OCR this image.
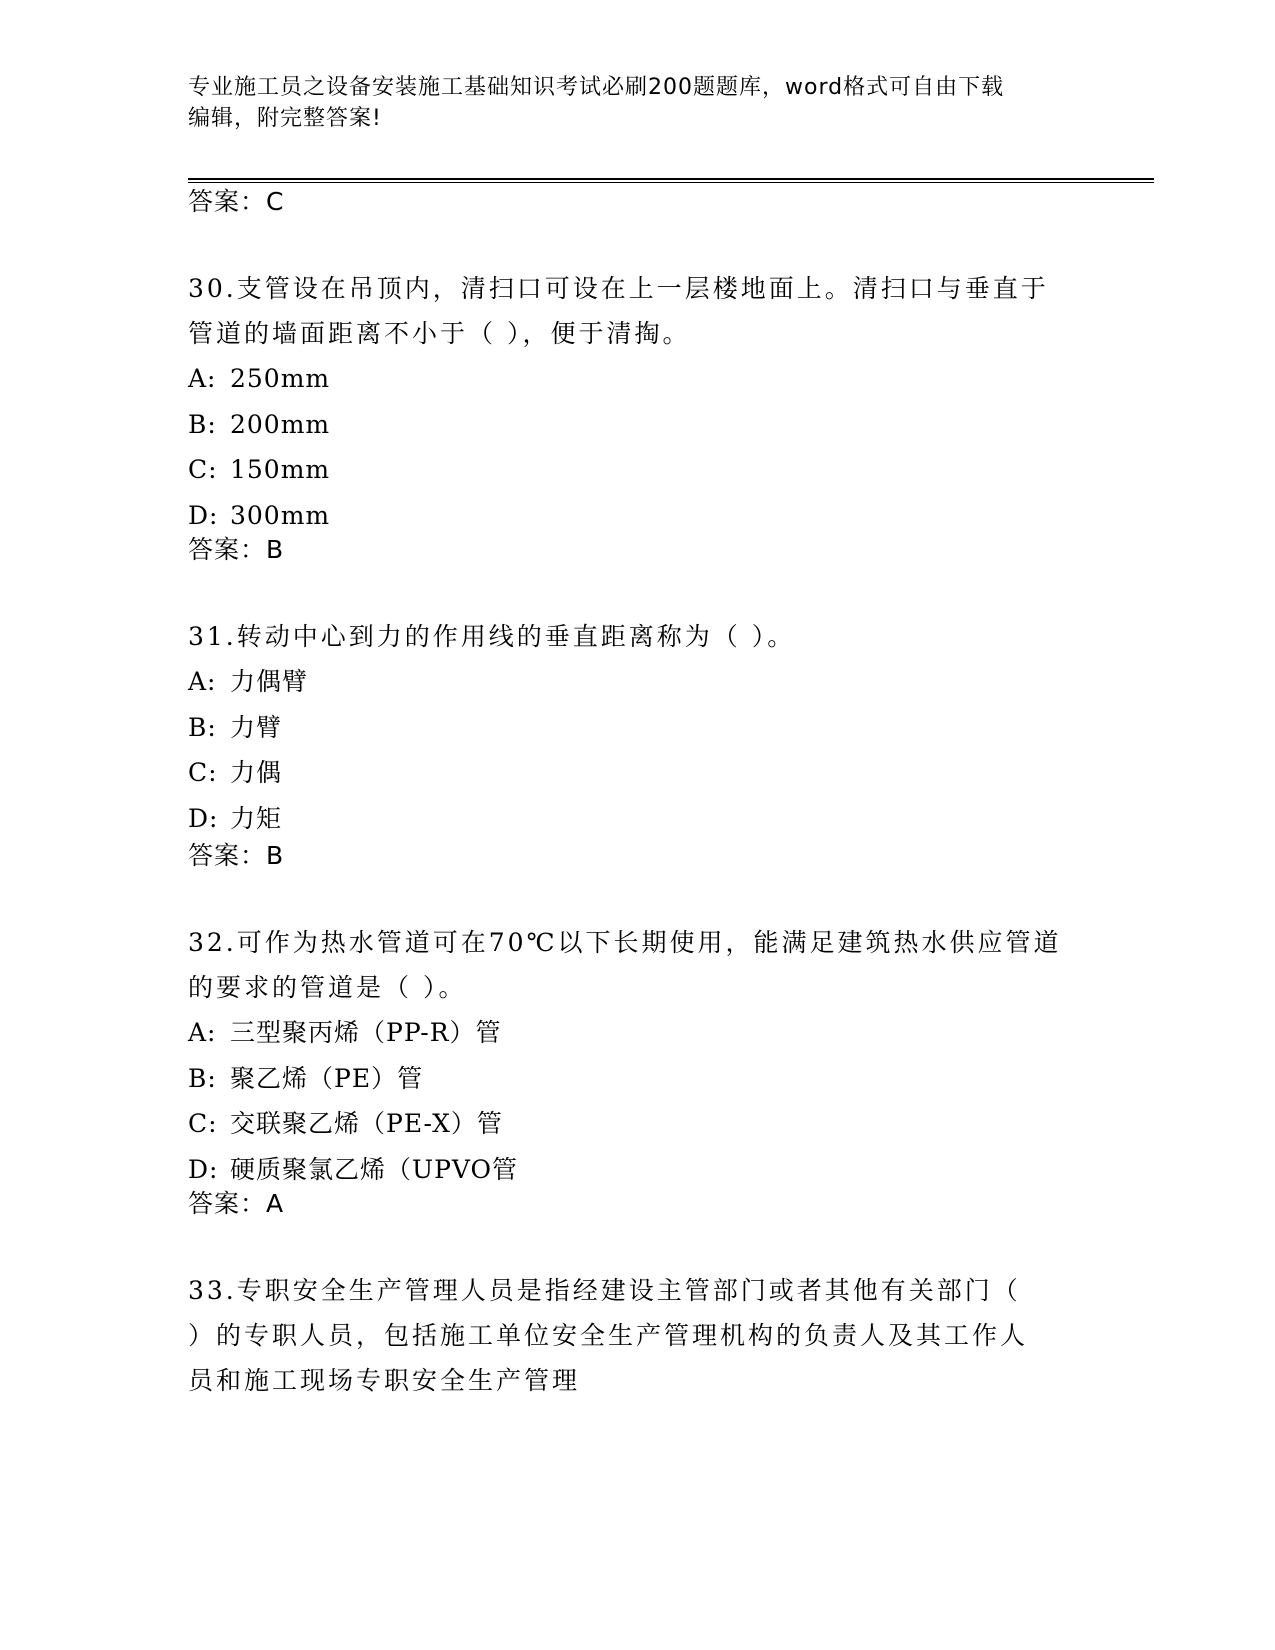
专业施工员之设备安装施工基础知识考试必刷200题题库，word格式可自由下载
编辑，附完整答案!
答案：C

30.支管设在吊顶内，清扫口可设在上一层楼地面上。清扫口与垂直于

管道的墙面距离不小于（ ），便于清掏。

A: 250mm
B: 200mm
C: 150mm
D: 300mm
答案：B

31.转动中心到力的作用线的垂直距离称为（ ）。

A: 力偶臂
B: 力臂
C: 力偶
D: 力矩
答案：B

32.可作为热水管道可在70℃以下长期使用，能满足建筑热水供应管道

的要求的管道是（ ）。

A: 三型聚丙烯（PP-R）管
B: 聚乙烯（PE）管
C: 交联聚乙烯（PE-X）管
D: 硬质聚氯乙烯（UPVO管
答案：A

33.专职安全生产管理人员是指经建设主管部门或者其他有关部门（

）的专职人员，包括施工单位安全生产管理机构的负责人及其工作人

员和施工现场专职安全生产管理
